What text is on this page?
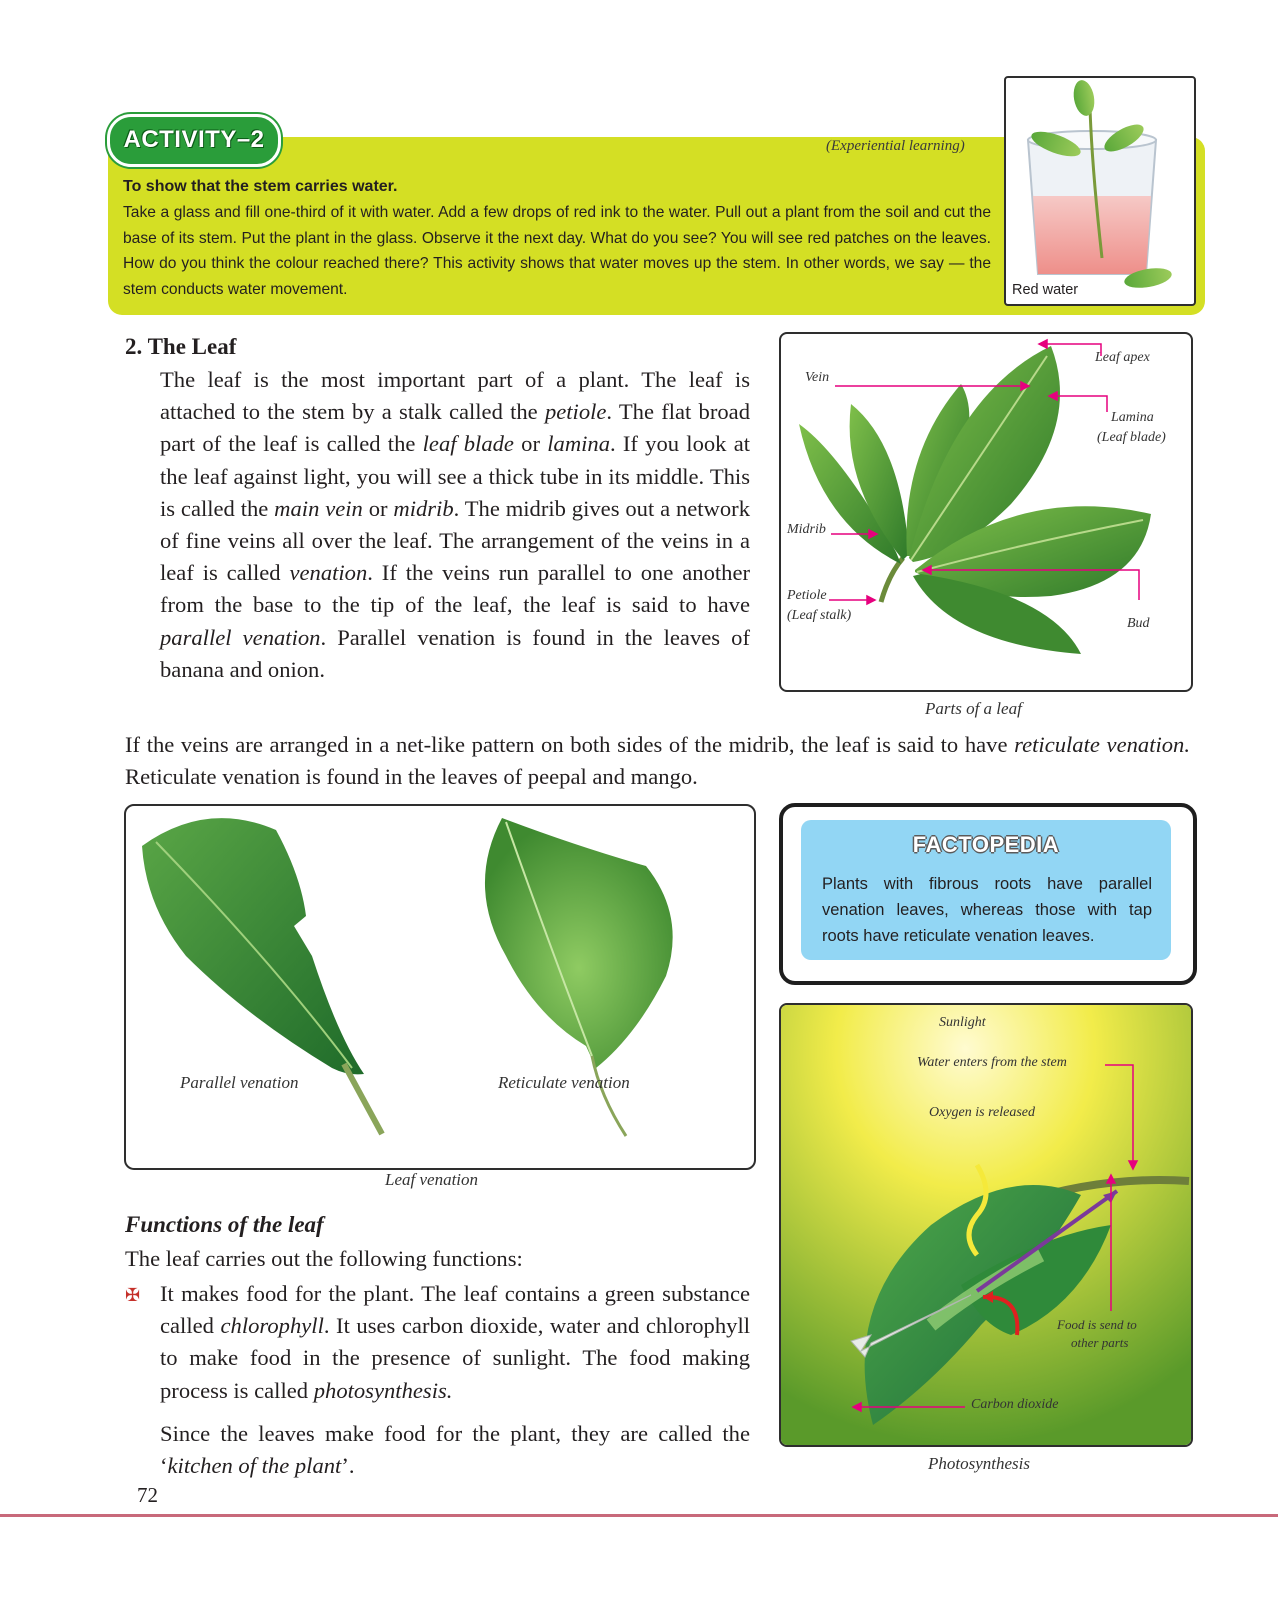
ACTIVITY–2	(Experiential learning)
To show that the stem carries water.
Take a glass and fill one-third of it with water. Add a few drops of red ink to the water. Pull out a plant from the soil and cut the base of its stem. Put the plant in the glass. Observe it the next day. What do you see? You will see red patches on the leaves. How do you think the colour reached there? This activity shows that water moves up the stem. In other words, we say — the stem conducts water movement.	Red water
2. The Leaf
The leaf is the most important part of a plant. The leaf is attached to the stem by a stalk called the petiole. The flat broad part of the leaf is called the leaf blade or lamina. If you look at the leaf against light, you will see a thick tube in its middle. This is called the main vein or midrib. The midrib gives out a network of fine veins all over the leaf. The arrangement of the veins in a leaf is called venation. If the veins run parallel to one another from the base to the tip of the leaf, the leaf is said to have parallel venation. Parallel venation is found in the leaves of banana and onion.
Leaf apex
Vein
Lamina
(Leaf blade)
Midrib
Petiole
(Leaf stalk)
Bud
Parts of a leaf
If the veins are arranged in a net-like pattern on both sides of the midrib, the leaf is said to have reticulate venation. Reticulate venation is found in the leaves of peepal and mango.
Parallel venation	Reticulate venation
Leaf venation
FACTOPEDIA
Plants with fibrous roots have parallel venation leaves, whereas those with tap roots have reticulate venation leaves.
Sunlight
Water enters from the stem
Oxygen is released
Food is send to
other parts
Carbon dioxide
Photosynthesis
Functions of the leaf
The leaf carries out the following functions:
✠ It makes food for the plant. The leaf contains a green substance called chlorophyll. It uses carbon dioxide, water and chlorophyll to make food in the presence of sunlight. The food making process is called photosynthesis.
Since the leaves make food for the plant, they are called the ‘kitchen of the plant’.
72
